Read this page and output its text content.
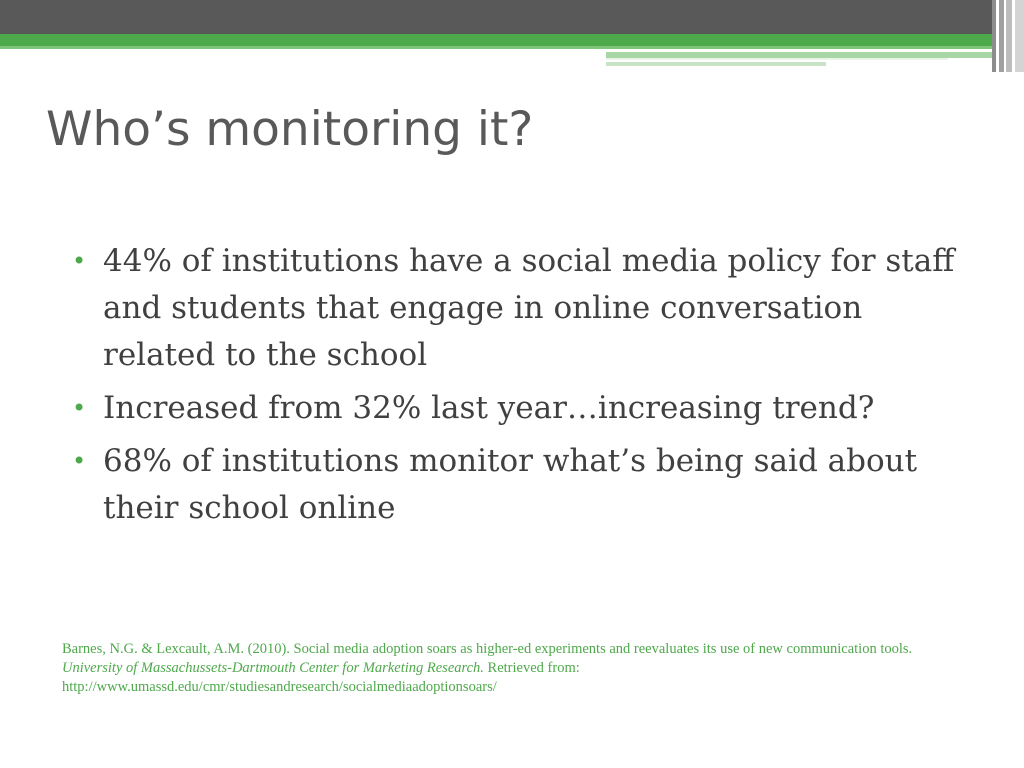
Who’s monitoring it?
• 44% of institutions have a social media policy for staff and students that engage in online conversation related to the school
• Increased from 32% last year…increasing trend?
• 68% of institutions monitor what’s being said about their school online

Barnes, N.G. & Lexcault, A.M. (2010). Social media adoption soars as higher-ed experiments and reevaluates its use of new communication tools. University of Massachussets-Dartmouth Center for Marketing Research. Retrieved from: http://www.umassd.edu/cmr/studiesandresearch/socialmediaadoptionsoars/
